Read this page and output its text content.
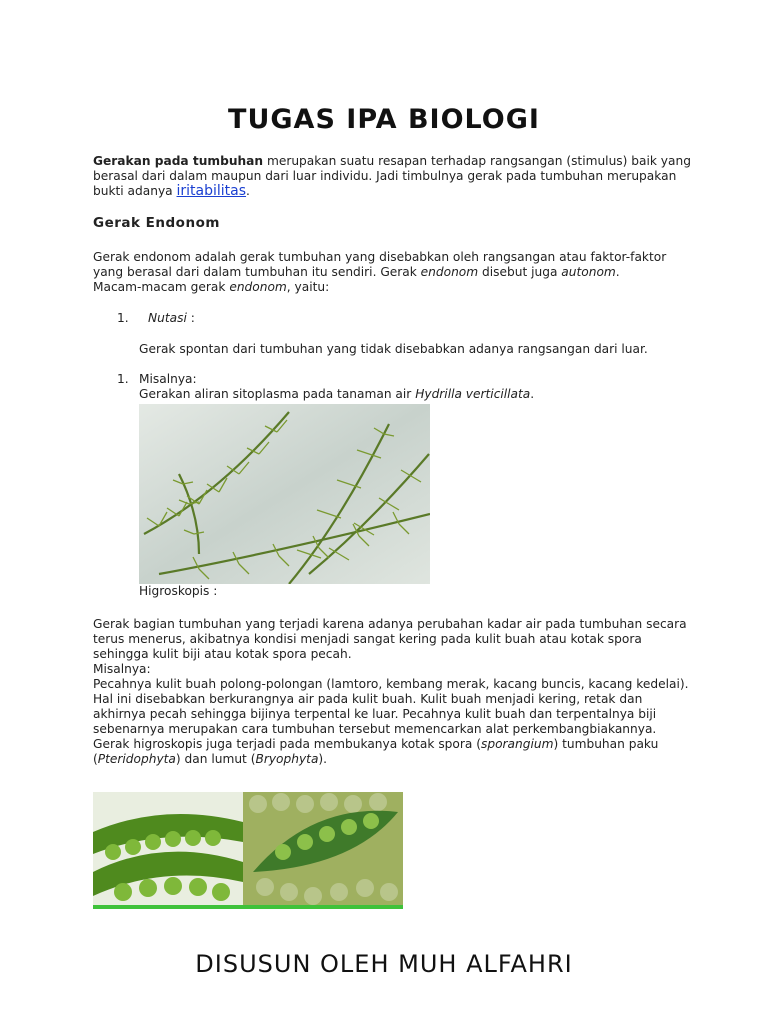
TUGAS IPA BIOLOGI
Gerakan pada tumbuhan merupakan suatu resapan terhadap rangsangan (stimulus) baik yang berasal dari dalam maupun dari luar individu. Jadi timbulnya gerak pada tumbuhan merupakan bukti adanya iritabilitas.
Gerak Endonom
Gerak endonom adalah gerak tumbuhan yang disebabkan oleh rangsangan atau faktor-faktor yang berasal dari dalam tumbuhan itu sendiri. Gerak endonom disebut juga autonom.
Macam-macam gerak endonom, yaitu:
1. Nutasi :
Gerak spontan dari tumbuhan yang tidak disebabkan adanya rangsangan dari luar.
1. Misalnya:
Gerakan aliran sitoplasma pada tanaman air Hydrilla verticillata.
Higroskopis :
Gerak bagian tumbuhan yang terjadi karena adanya perubahan kadar air pada tumbuhan secara terus menerus, akibatnya kondisi menjadi sangat kering pada kulit buah atau kotak spora sehingga kulit biji atau kotak spora pecah.
Misalnya:
Pecahnya kulit buah polong-polongan (lamtoro, kembang merak, kacang buncis, kacang kedelai). Hal ini disebabkan berkurangnya air pada kulit buah. Kulit buah menjadi kering, retak dan akhirnya pecah sehingga bijinya terpental ke luar. Pecahnya kulit buah dan terpentalnya biji sebenarnya merupakan cara tumbuhan tersebut memencarkan alat perkembangbiakannya. Gerak higroskopis juga terjadi pada membukanya kotak spora (sporangium) tumbuhan paku (Pteridophyta) dan lumut (Bryophyta).
DISUSUN OLEH MUH ALFAHRI
